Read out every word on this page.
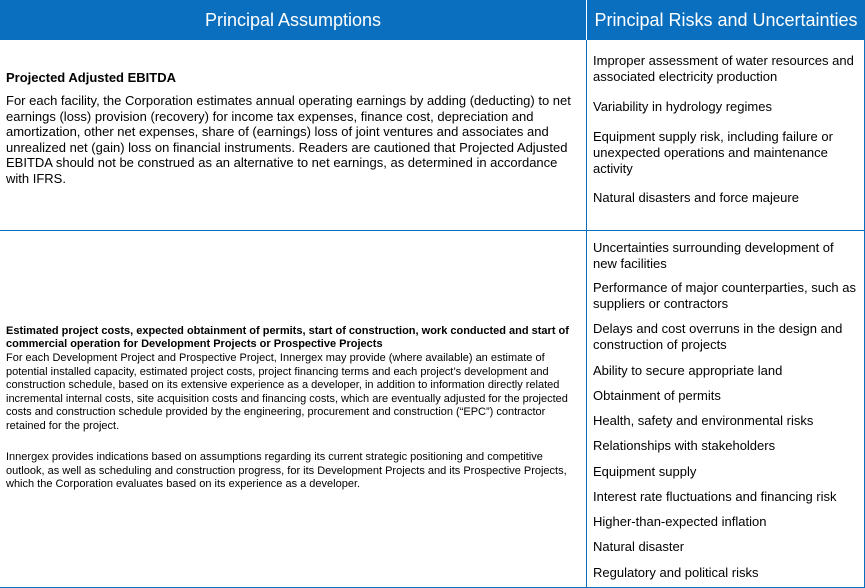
Principal Assumptions	Principal Risks and Uncertainties
Projected Adjusted EBITDA
For each facility, the Corporation estimates annual operating earnings by adding (deducting) to net earnings (loss) provision (recovery) for income tax expenses, finance cost, depreciation and amortization, other net expenses, share of (earnings) loss of joint ventures and associates and unrealized net (gain) loss on financial instruments. Readers are cautioned that Projected Adjusted EBITDA should not be construed as an alternative to net earnings, as determined in accordance with IFRS.
Improper assessment of water resources and associated electricity production
Variability in hydrology regimes
Equipment supply risk, including failure or unexpected operations and maintenance activity
Natural disasters and force majeure
Estimated project costs, expected obtainment of permits, start of construction, work conducted and start of commercial operation for Development Projects or Prospective Projects
For each Development Project and Prospective Project, Innergex may provide (where available) an estimate of potential installed capacity, estimated project costs, project financing terms and each project’s development and construction schedule, based on its extensive experience as a developer, in addition to information directly related incremental internal costs, site acquisition costs and financing costs, which are eventually adjusted for the projected costs and construction schedule provided by the engineering, procurement and construction (“EPC”) contractor retained for the project.
Innergex provides indications based on assumptions regarding its current strategic positioning and competitive outlook, as well as scheduling and construction progress, for its Development Projects and its Prospective Projects, which the Corporation evaluates based on its experience as a developer.
Uncertainties surrounding development of new facilities
Performance of major counterparties, such as suppliers or contractors
Delays and cost overruns in the design and construction of projects
Ability to secure appropriate land
Obtainment of permits
Health, safety and environmental risks
Relationships with stakeholders
Equipment supply
Interest rate fluctuations and financing risk
Higher-than-expected inflation
Natural disaster
Regulatory and political risks
